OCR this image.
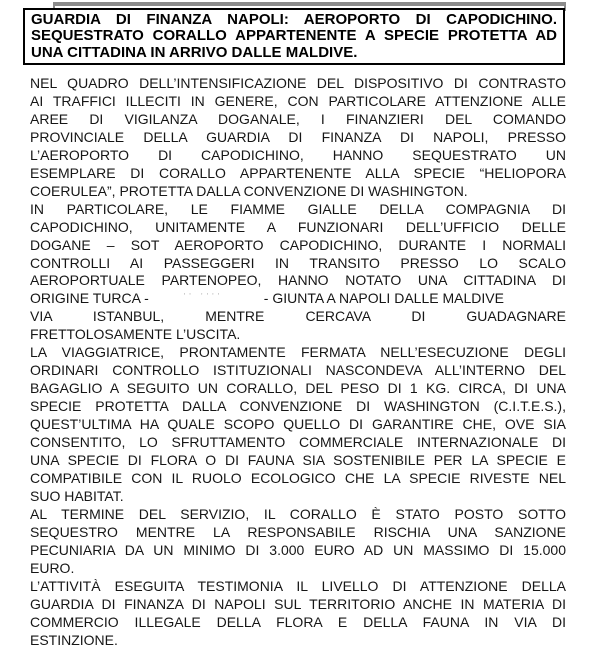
GUARDIA DI FINANZA NAPOLI: AEROPORTO DI CAPODICHINO.
SEQUESTRATO CORALLO APPARTENENTE A SPECIE PROTETTA AD
UNA CITTADINA IN ARRIVO DALLE MALDIVE.
NEL QUADRO DELL’INTENSIFICAZIONE DEL DISPOSITIVO DI CONTRASTO
AI TRAFFICI ILLECITI IN GENERE, CON PARTICOLARE ATTENZIONE ALLE
AREE DI VIGILANZA DOGANALE, I FINANZIERI DEL COMANDO
PROVINCIALE DELLA GUARDIA DI FINANZA DI NAPOLI, PRESSO
L’AEROPORTO DI CAPODICHINO, HANNO SEQUESTRATO UN
ESEMPLARE DI CORALLO APPARTENENTE ALLA SPECIE “HELIOPORA
COERULEA”, PROTETTA DALLA CONVENZIONE DI WASHINGTON.
IN PARTICOLARE, LE FIAMME GIALLE DELLA COMPAGNIA DI
CAPODICHINO, UNITAMENTE A FUNZIONARI DELL’UFFICIO DELLE
DOGANE – SOT AEROPORTO CAPODICHINO, DURANTE I NORMALI
CONTROLLI AI PASSEGGERI IN TRANSITO PRESSO LO SCALO
AEROPORTUALE PARTENOPEO, HANNO NOTATO UNA CITTADINA DI
ORIGINE TURCA -	'' ''''	- GIUNTA A NAPOLI DALLE MALDIVE
VIA ISTANBUL, MENTRE CERCAVA DI GUADAGNARE
FRETTOLOSAMENTE L’USCITA.
LA VIAGGIATRICE, PRONTAMENTE FERMATA NELL’ESECUZIONE DEGLI
ORDINARI CONTROLLO ISTITUZIONALI NASCONDEVA ALL’INTERNO DEL
BAGAGLIO A SEGUITO UN CORALLO, DEL PESO DI 1 KG. CIRCA, DI UNA
SPECIE PROTETTA DALLA CONVENZIONE DI WASHINGTON (C.I.T.E.S.),
QUEST’ULTIMA HA QUALE SCOPO QUELLO DI GARANTIRE CHE, OVE SIA
CONSENTITO, LO SFRUTTAMENTO COMMERCIALE INTERNAZIONALE DI
UNA SPECIE DI FLORA O DI FAUNA SIA SOSTENIBILE PER LA SPECIE E
COMPATIBILE CON IL RUOLO ECOLOGICO CHE LA SPECIE RIVESTE NEL
SUO HABITAT.
AL TERMINE DEL SERVIZIO, IL CORALLO È STATO POSTO SOTTO
SEQUESTRO MENTRE LA RESPONSABILE RISCHIA UNA SANZIONE
PECUNIARIA DA UN MINIMO DI 3.000 EURO AD UN MASSIMO DI 15.000
EURO.
L’ATTIVITÀ ESEGUITA TESTIMONIA IL LIVELLO DI ATTENZIONE DELLA
GUARDIA DI FINANZA DI NAPOLI SUL TERRITORIO ANCHE IN MATERIA DI
COMMERCIO ILLEGALE DELLA FLORA E DELLA FAUNA IN VIA DI
ESTINZIONE.
